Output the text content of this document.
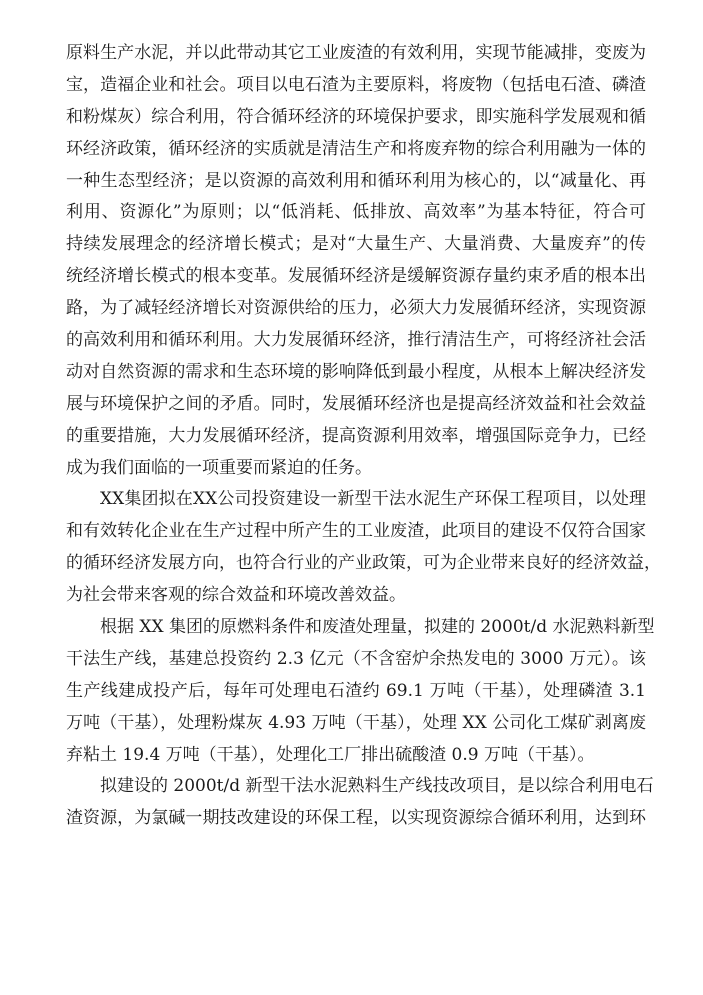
原料生产水泥，并以此带动其它工业废渣的有效利用，实现节能减排，变废为
宝，造福企业和社会。项目以电石渣为主要原料，将废物（包括电石渣、磷渣
和粉煤灰）综合利用，符合循环经济的环境保护要求，即实施科学发展观和循
环经济政策，循环经济的实质就是清洁生产和将废弃物的综合利用融为一体的
一种生态型经济；是以资源的高效利用和循环利用为核心的，以“减量化、再
利用、资源化”为原则；以“低消耗、低排放、高效率”为基本特征，符合可
持续发展理念的经济增长模式；是对“大量生产、大量消费、大量废弃”的传
统经济增长模式的根本变革。发展循环经济是缓解资源存量约束矛盾的根本出
路，为了减轻经济增长对资源供给的压力，必须大力发展循环经济，实现资源
的高效利用和循环利用。大力发展循环经济，推行清洁生产，可将经济社会活
动对自然资源的需求和生态环境的影响降低到最小程度，从根本上解决经济发
展与环境保护之间的矛盾。同时，发展循环经济也是提高经济效益和社会效益
的重要措施，大力发展循环经济，提高资源利用效率，增强国际竞争力，已经
成为我们面临的一项重要而紧迫的任务。
XX集团拟在XX公司投资建设一新型干法水泥生产环保工程项目，以处理
和有效转化企业在生产过程中所产生的工业废渣，此项目的建设不仅符合国家
的循环经济发展方向，也符合行业的产业政策，可为企业带来良好的经济效益，
为社会带来客观的综合效益和环境改善效益。
根据 XX 集团的原燃料条件和废渣处理量，拟建的 2000t/d 水泥熟料新型
干法生产线，基建总投资约 2.3 亿元（不含窑炉余热发电的 3000 万元）。该
生产线建成投产后，每年可处理电石渣约 69.1 万吨（干基），处理磷渣 3.1
万吨（干基），处理粉煤灰 4.93 万吨（干基），处理 XX 公司化工煤矿剥离废
弃粘土 19.4 万吨（干基），处理化工厂排出硫酸渣 0.9 万吨（干基）。
拟建设的 2000t/d 新型干法水泥熟料生产线技改项目，是以综合利用电石
渣资源，为氯碱一期技改建设的环保工程，以实现资源综合循环利用，达到环
